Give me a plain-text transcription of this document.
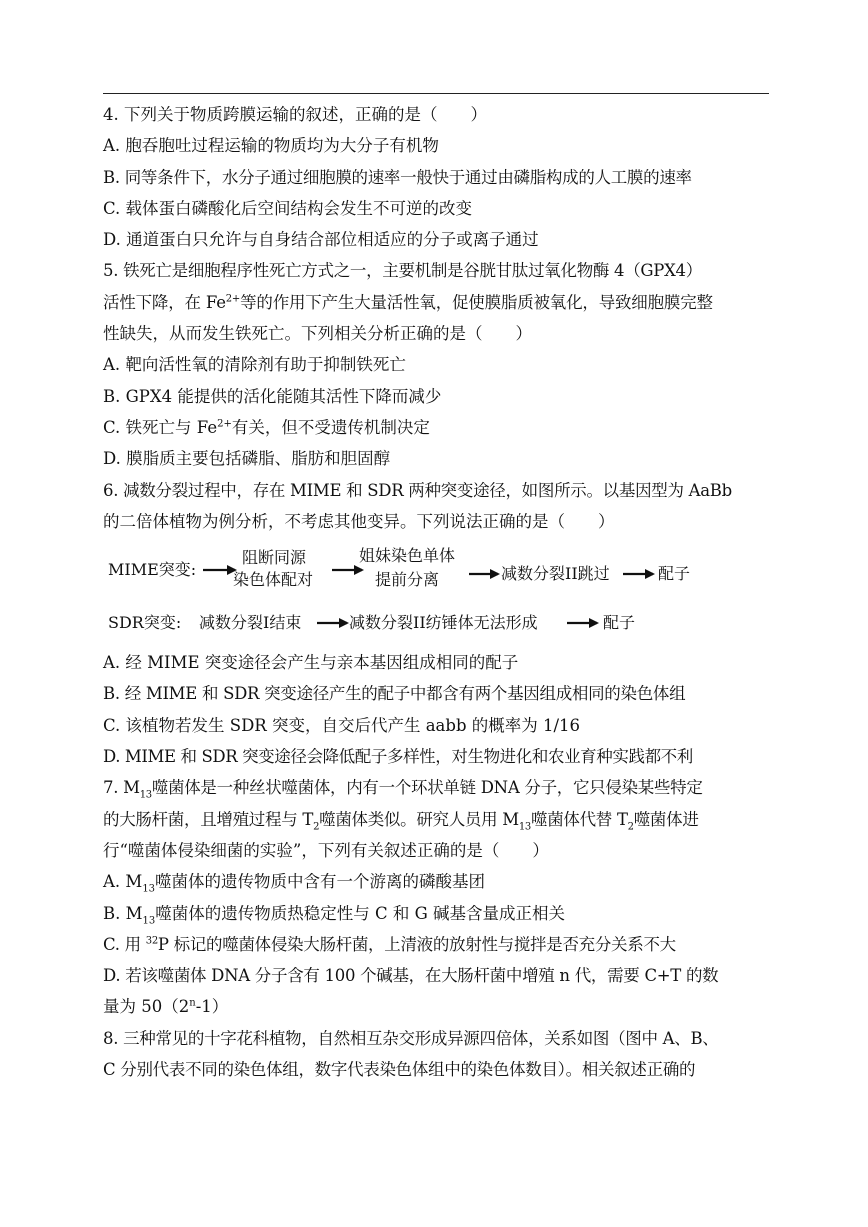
4. 下列关于物质跨膜运输的叙述，正确的是（　　）
A. 胞吞胞吐过程运输的物质均为大分子有机物
B. 同等条件下，水分子通过细胞膜的速率一般快于通过由磷脂构成的人工膜的速率
C. 载体蛋白磷酸化后空间结构会发生不可逆的改变
D. 通道蛋白只允许与自身结合部位相适应的分子或离子通过
5. 铁死亡是细胞程序性死亡方式之一，主要机制是谷胱甘肽过氧化物酶 4（GPX4）
活性下降，在 $Fe^{2+}$等的作用下产生大量活性氧，促使膜脂质被氧化，导致细胞膜完整
性缺失，从而发生铁死亡。下列相关分析正确的是（　　）
A. 靶向活性氧的清除剂有助于抑制铁死亡
B. GPX4 能提供的活化能随其活性下降而减少
C. 铁死亡与 $Fe^{2+}$有关，但不受遗传机制决定
D. 膜脂质主要包括磷脂、脂肪和胆固醇
6. 减数分裂过程中，存在 MIME 和 SDR 两种突变途径，如图所示。以基因型为 AaBb
的二倍体植物为例分析，不考虑其他变异。下列说法正确的是（　　）
MIME突变:
阻断同源
染色体配对
姐妹染色单体
提前分离	减数分裂II跳过	配子
SDR突变: 减数分裂I结束	减数分裂II纺锤体无法形成	配子
A. 经 MIME 突变途径会产生与亲本基因组成相同的配子
B. 经 MIME 和 SDR 突变途径产生的配子中都含有两个基因组成相同的染色体组
C. 该植物若发生 SDR 突变，自交后代产生 aabb 的概率为 1/16
D. MIME 和 SDR 突变途径会降低配子多样性，对生物进化和农业育种实践都不利
7. $M_{13}$噬菌体是一种丝状噬菌体，内有一个环状单链 DNA 分子，它只侵染某些特定
的大肠杆菌，且增殖过程与 $T_2$噬菌体类似。研究人员用 $M_{13}$噬菌体代替 $T_2$噬菌体进
行“噬菌体侵染细菌的实验”，下列有关叙述正确的是（　　）
A. $M_{13}$噬菌体的遗传物质中含有一个游离的磷酸基团
B. $M_{13}$噬菌体的遗传物质热稳定性与 C 和 G 碱基含量成正相关
C. 用 $^{32}$P 标记的噬菌体侵染大肠杆菌，上清液的放射性与搅拌是否充分关系不大
D. 若该噬菌体 DNA 分子含有 100 个碱基，在大肠杆菌中增殖 n 代，需要 C+T 的数
量为 50（2$^n$-1）
8. 三种常见的十字花科植物，自然相互杂交形成异源四倍体，关系如图（图中 A、B、
C 分别代表不同的染色体组，数字代表染色体组中的染色体数目）。相关叙述正确的
